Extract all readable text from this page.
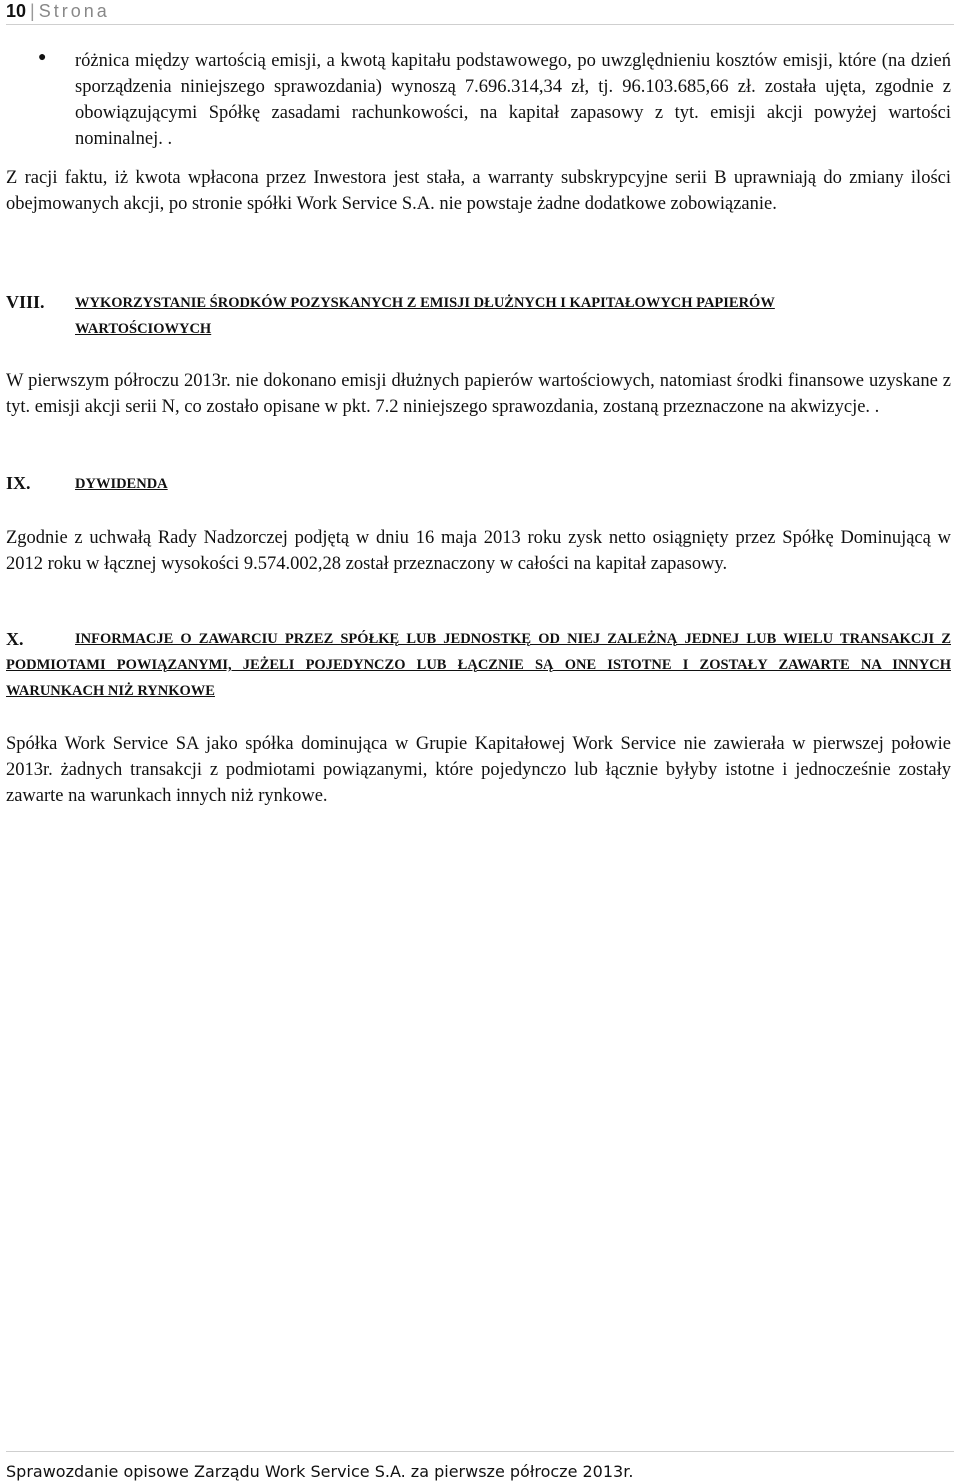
10 | Strona
● różnica między wartością emisji, a kwotą kapitału podstawowego, po uwzględnieniu kosztów emisji, które (na dzień sporządzenia niniejszego sprawozdania) wynoszą 7.696.314,34 zł, tj. 96.103.685,66 zł. została ujęta, zgodnie z obowiązującymi Spółkę zasadami rachunkowości, na kapitał zapasowy z tyt. emisji akcji powyżej wartości nominalnej. .
Z racji faktu, iż kwota wpłacona przez Inwestora jest stała, a warranty subskrypcyjne serii B uprawniają do zmiany ilości obejmowanych akcji, po stronie spółki Work Service S.A. nie powstaje żadne dodatkowe zobowiązanie.
VIII. WYKORZYSTANIE ŚRODKÓW POZYSKANYCH Z EMISJI DŁUŻNYCH I KAPITAŁOWYCH PAPIERÓW WARTOŚCIOWYCH
W pierwszym półroczu 2013r. nie dokonano emisji dłużnych papierów wartościowych, natomiast środki finansowe uzyskane z tyt. emisji akcji serii N, co zostało opisane w pkt. 7.2 niniejszego sprawozdania, zostaną przeznaczone na akwizycje. .
IX.	DYWIDENDA
Zgodnie z uchwałą Rady Nadzorczej podjętą w dniu 16 maja 2013 roku zysk netto osiągnięty przez Spółkę Dominującą w 2012 roku w łącznej wysokości 9.574.002,28 został przeznaczony w całości na kapitał zapasowy.
X.	INFORMACJE O ZAWARCIU PRZEZ SPÓŁKĘ LUB JEDNOSTKĘ OD NIEJ ZALEŻNĄ JEDNEJ LUB WIELU TRANSAKCJI Z PODMIOTAMI POWIĄZANYMI, JEŻELI POJEDYNCZO LUB ŁĄCZNIE SĄ ONE ISTOTNE I ZOSTAŁY ZAWARTE NA INNYCH WARUNKACH NIŻ RYNKOWE
Spółka Work Service SA jako spółka dominująca w Grupie Kapitałowej Work Service nie zawierała w pierwszej połowie 2013r. żadnych transakcji z podmiotami powiązanymi, które pojedynczo lub łącznie byłyby istotne i jednocześnie zostały zawarte na warunkach innych niż rynkowe.
Sprawozdanie opisowe Zarządu Work Service S.A. za pierwsze półrocze 2013r.
